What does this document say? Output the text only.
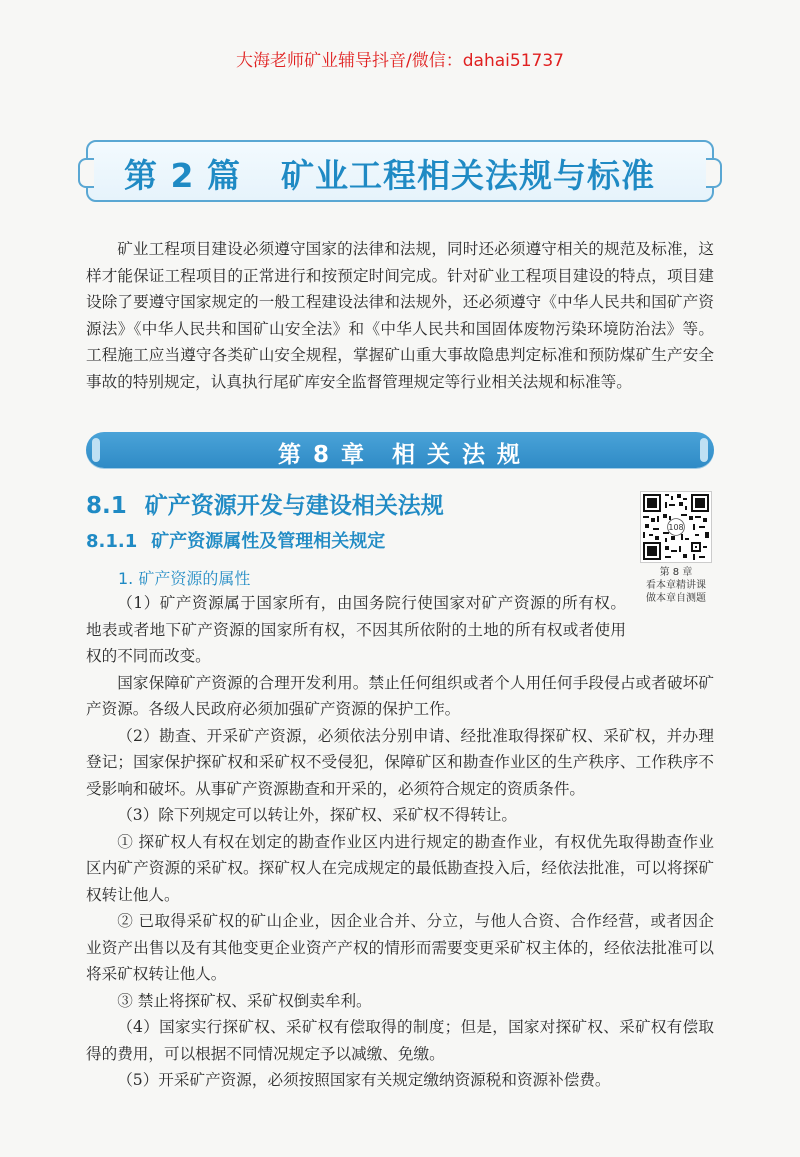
大海老师矿业辅导抖音/微信：dahai51737
第 2 篇 矿业工程相关法规与标准
矿业工程项目建设必须遵守国家的法律和法规，同时还必须遵守相关的规范及标准，这样才能保证工程项目的正常进行和按预定时间完成。针对矿业工程项目建设的特点，项目建设除了要遵守国家规定的一般工程建设法律和法规外，还必须遵守《中华人民共和国矿产资源法》《中华人民共和国矿山安全法》和《中华人民共和国固体废物污染环境防治法》等。工程施工应当遵守各类矿山安全规程，掌握矿山重大事故隐患判定标准和预防煤矿生产安全事故的特别规定，认真执行尾矿库安全监督管理规定等行业相关法规和标准等。
第 8 章 相 关 法 规
8.1 矿产资源开发与建设相关法规
8.1.1 矿产资源属性及管理相关规定
1. 矿产资源的属性
108
第 8 章
看本章精讲课
做本章自测题

（1）矿产资源属于国家所有，由国务院行使国家对矿产资源的所有权。地表或者地下矿产资源的国家所有权，不因其所依附的土地的所有权或者使用权的不同而改变。

国家保障矿产资源的合理开发利用。禁止任何组织或者个人用任何手段侵占或者破坏矿产资源。各级人民政府必须加强矿产资源的保护工作。

（2）勘查、开采矿产资源，必须依法分别申请、经批准取得探矿权、采矿权，并办理登记；国家保护探矿权和采矿权不受侵犯，保障矿区和勘查作业区的生产秩序、工作秩序不受影响和破坏。从事矿产资源勘查和开采的，必须符合规定的资质条件。

（3）除下列规定可以转让外，探矿权、采矿权不得转让。

① 探矿权人有权在划定的勘查作业区内进行规定的勘查作业，有权优先取得勘查作业区内矿产资源的采矿权。探矿权人在完成规定的最低勘查投入后，经依法批准，可以将探矿权转让他人。

② 已取得采矿权的矿山企业，因企业合并、分立，与他人合资、合作经营，或者因企业资产出售以及有其他变更企业资产产权的情形而需要变更采矿权主体的，经依法批准可以将采矿权转让他人。

③ 禁止将探矿权、采矿权倒卖牟利。

（4）国家实行探矿权、采矿权有偿取得的制度；但是，国家对探矿权、采矿权有偿取得的费用，可以根据不同情况规定予以减缴、免缴。

（5）开采矿产资源，必须按照国家有关规定缴纳资源税和资源补偿费。
